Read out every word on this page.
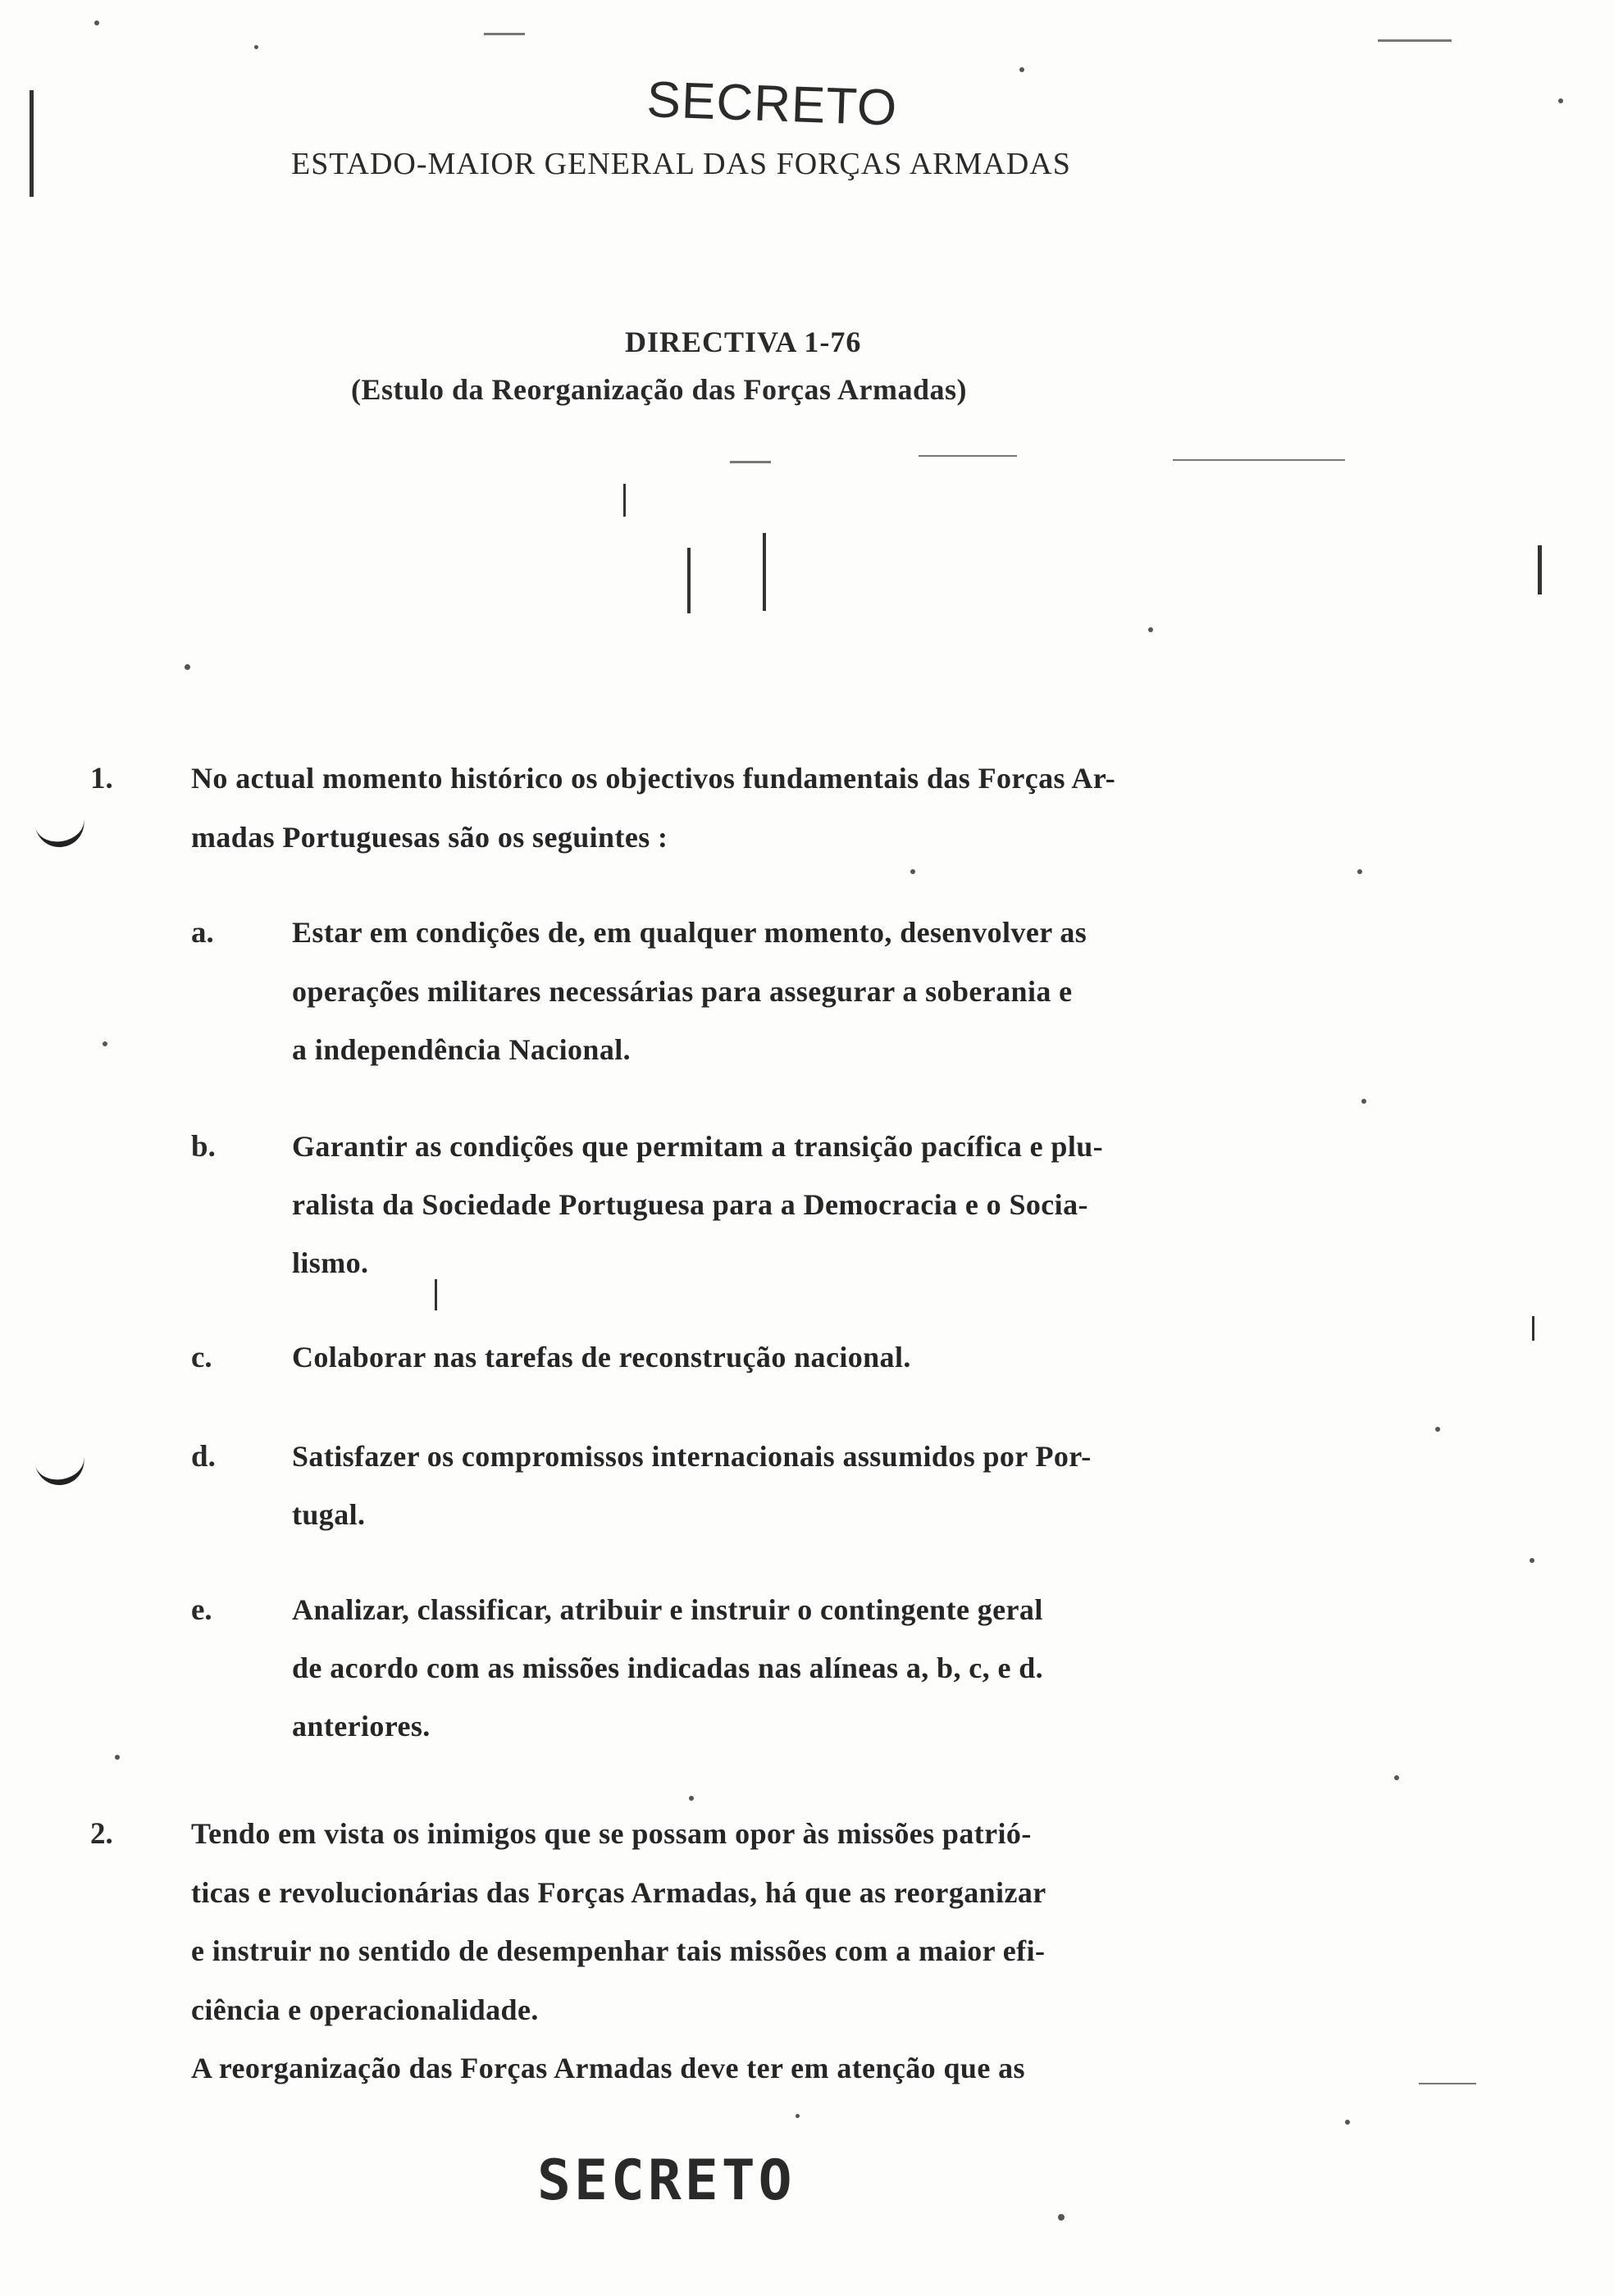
SECRETO
ESTADO-MAIOR GENERAL DAS FORÇAS ARMADAS
DIRECTIVA 1-76
(Estulo da Reorganização das Forças Armadas)
1.	No actual momento histórico os objectivos fundamentais das Forças Ar-
madas Portuguesas são os seguintes :
a.	Estar em condições de, em qualquer momento, desenvolver as
operações militares necessárias para assegurar a soberania e
a independência Nacional.
b.	Garantir as condições que permitam a transição pacífica e plu-
ralista da Sociedade Portuguesa para a Democracia e o Socia-
lismo.
c.	Colaborar nas tarefas de reconstrução nacional.
d.	Satisfazer os compromissos internacionais assumidos por Por-
tugal.
e.	Analizar, classificar, atribuir e instruir o contingente geral
de acordo com as missões indicadas nas alíneas a, b, c, e d.
anteriores.
2.	Tendo em vista os inimigos que se possam opor às missões patrió-
ticas e revolucionárias das Forças Armadas, há que as reorganizar
e instruir no sentido de desempenhar tais missões com a maior efi-
ciência e operacionalidade.
A reorganização das Forças Armadas deve ter em atenção que as
SECRETO
